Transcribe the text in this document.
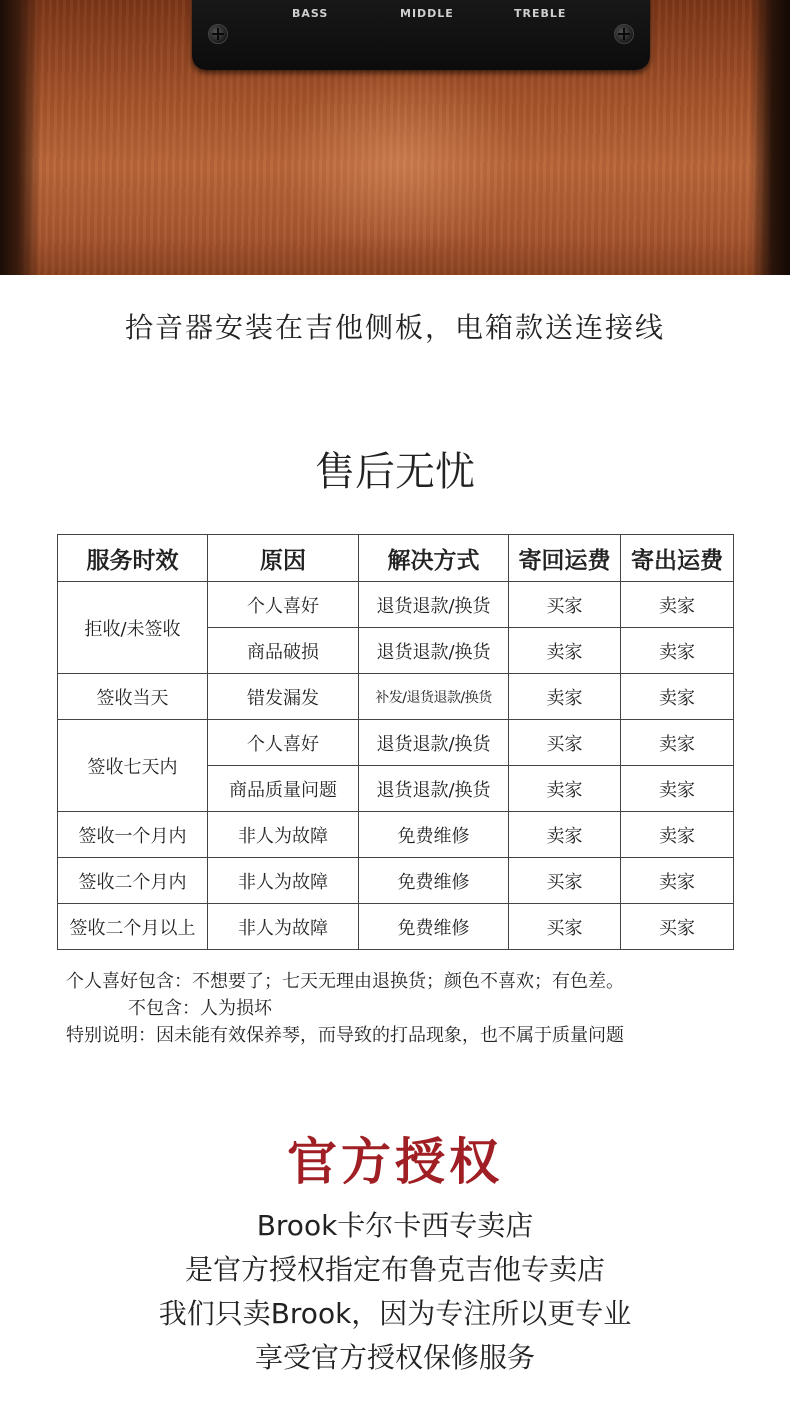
BASS	MIDDLE	TREBLE
拾音器安装在吉他侧板，电箱款送连接线
售后无忧
服务时效	原因	解决方式	寄回运费	寄出运费
拒收/未签收	个人喜好	退货退款/换货	买家	卖家
	商品破损	退货退款/换货	卖家	卖家
签收当天	错发漏发	补发/退货退款/换货	卖家	卖家
签收七天内	个人喜好	退货退款/换货	买家	卖家
	商品质量问题	退货退款/换货	卖家	卖家
签收一个月内	非人为故障	免费维修	卖家	卖家
签收二个月内	非人为故障	免费维修	买家	卖家
签收二个月以上	非人为故障	免费维修	买家	买家
个人喜好包含：不想要了；七天无理由退换货；颜色不喜欢；有色差。
不包含：人为损坏
特别说明：因未能有效保养琴，而导致的打品现象，也不属于质量问题
官方授权
Brook卡尔卡西专卖店
是官方授权指定布鲁克吉他专卖店
我们只卖Brook，因为专注所以更专业
享受官方授权保修服务
